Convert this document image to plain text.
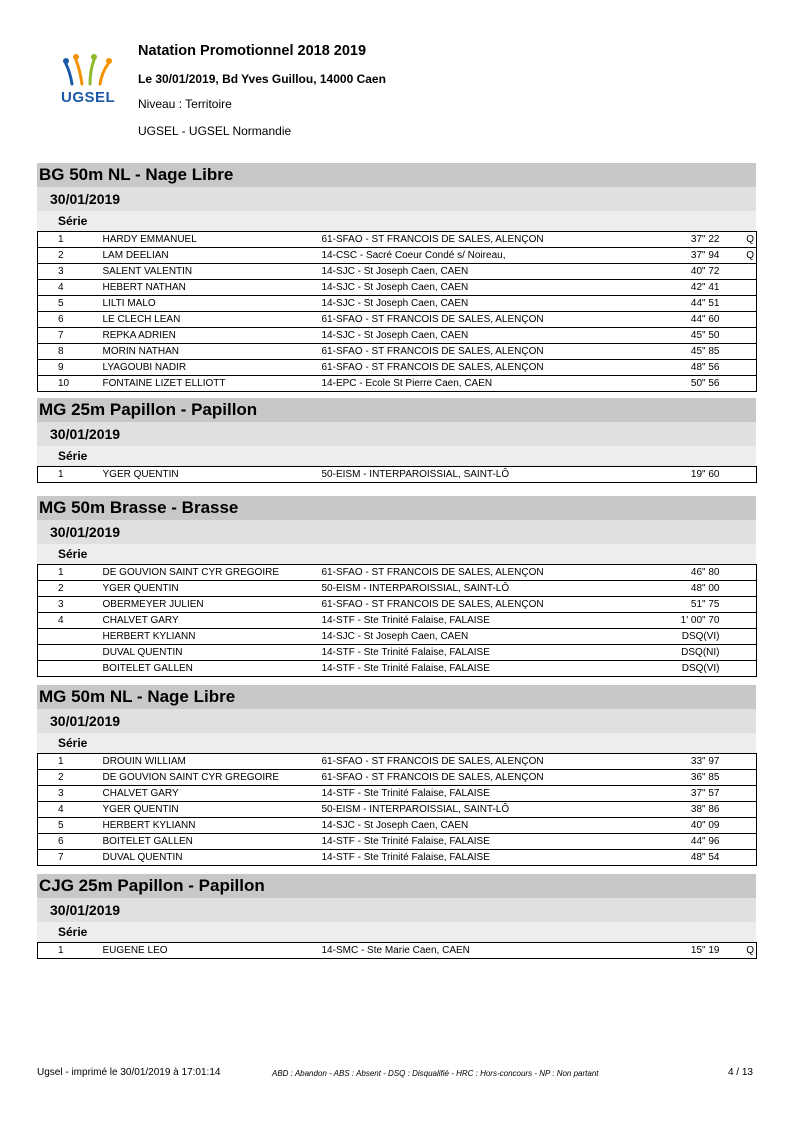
UGSEL
Natation Promotionnel 2018 2019
Le 30/01/2019, Bd Yves Guillou, 14000 Caen
Niveau : Territoire
UGSEL - UGSEL Normandie
BG 50m NL - Nage Libre
30/01/2019
Série
1	HARDY EMMANUEL	61-SFAO - ST FRANCOIS DE SALES, ALENÇON	37" 22	Q
2	LAM DEELIAN	14-CSC - Sacré Coeur Condé s/ Noireau,	37" 94	Q
3	SALENT VALENTIN	14-SJC - St Joseph Caen, CAEN	40" 72	
4	HEBERT NATHAN	14-SJC - St Joseph Caen, CAEN	42" 41	
5	LILTI MALO	14-SJC - St Joseph Caen, CAEN	44" 51	
6	LE CLECH LEAN	61-SFAO - ST FRANCOIS DE SALES, ALENÇON	44" 60	
7	REPKA ADRIEN	14-SJC - St Joseph Caen, CAEN	45" 50	
8	MORIN NATHAN	61-SFAO - ST FRANCOIS DE SALES, ALENÇON	45" 85	
9	LYAGOUBI NADIR	61-SFAO - ST FRANCOIS DE SALES, ALENÇON	48" 56	
10	FONTAINE LIZET ELLIOTT	14-EPC - Ecole St Pierre Caen, CAEN	50" 56	
MG 25m Papillon - Papillon
30/01/2019
Série
1	YGER QUENTIN	50-EISM - INTERPAROISSIAL, SAINT-LÔ	19" 60	
MG 50m Brasse - Brasse
30/01/2019
Série
1	DE GOUVION SAINT CYR GREGOIRE	61-SFAO - ST FRANCOIS DE SALES, ALENÇON	46" 80	
2	YGER QUENTIN	50-EISM - INTERPAROISSIAL, SAINT-LÔ	48" 00	
3	OBERMEYER JULIEN	61-SFAO - ST FRANCOIS DE SALES, ALENÇON	51" 75	
4	CHALVET GARY	14-STF - Ste Trinité Falaise, FALAISE	1' 00" 70	
	HERBERT KYLIANN	14-SJC - St Joseph Caen, CAEN	DSQ(VI)	
	DUVAL QUENTIN	14-STF - Ste Trinité Falaise, FALAISE	DSQ(NI)	
	BOITELET GALLEN	14-STF - Ste Trinité Falaise, FALAISE	DSQ(VI)	
MG 50m NL - Nage Libre
30/01/2019
Série
1	DROUIN WILLIAM	61-SFAO - ST FRANCOIS DE SALES, ALENÇON	33" 97	
2	DE GOUVION SAINT CYR GREGOIRE	61-SFAO - ST FRANCOIS DE SALES, ALENÇON	36" 85	
3	CHALVET GARY	14-STF - Ste Trinité Falaise, FALAISE	37" 57	
4	YGER QUENTIN	50-EISM - INTERPAROISSIAL, SAINT-LÔ	38" 86	
5	HERBERT KYLIANN	14-SJC - St Joseph Caen, CAEN	40" 09	
6	BOITELET GALLEN	14-STF - Ste Trinité Falaise, FALAISE	44" 96	
7	DUVAL QUENTIN	14-STF - Ste Trinité Falaise, FALAISE	48" 54	
CJG 25m Papillon - Papillon
30/01/2019
Série
1	EUGENE LEO	14-SMC - Ste Marie Caen, CAEN	15" 19	Q
Ugsel - imprimé le 30/01/2019 à 17:01:14	ABD : Abandon - ABS : Absent - DSQ : Disqualifié - HRC : Hors-concours - NP : Non partant	4 / 13
